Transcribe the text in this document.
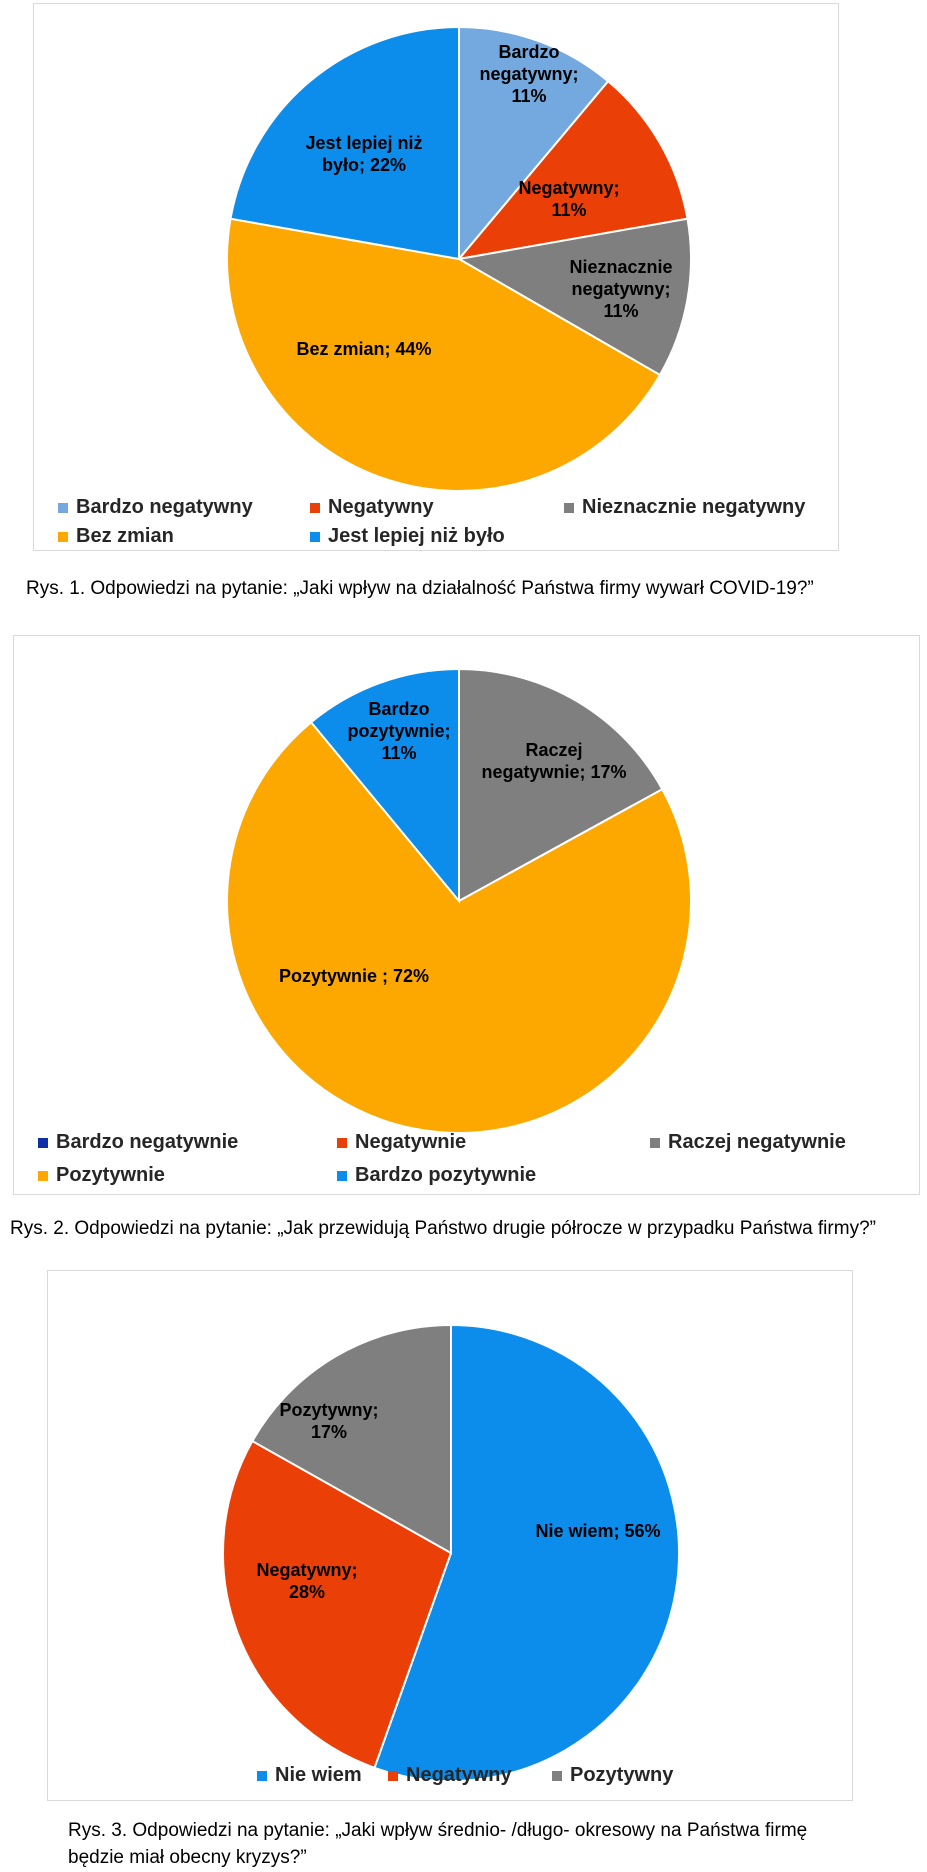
Bardzo negatywny; 11%
Negatywny; 11%
Nieznacznie negatywny; 11%
Bez zmian; 44%
Jest lepiej niż było; 22%
Bardzo negatywny	Negatywny	Nieznacznie negatywny
Bez zmian	Jest lepiej niż było
Rys. 1. Odpowiedzi na pytanie: „Jaki wpływ na działalność Państwa firmy wywarł COVID-19?”
Raczej negatywnie; 17%
Pozytywnie ; 72%
Bardzo pozytywnie; 11%
Bardzo negatywnie	Negatywnie	Raczej negatywnie
Pozytywnie	Bardzo pozytywnie
Rys. 2. Odpowiedzi na pytanie: „Jak przewidują Państwo drugie półrocze w przypadku Państwa firmy?”
Nie wiem; 56%
Negatywny; 28%
Pozytywny; 17%
Nie wiem Negatywny	Pozytywny
Rys. 3. Odpowiedzi na pytanie: „Jaki wpływ średnio- /długo- okresowy na Państwa firmę
będzie miał obecny kryzys?”
